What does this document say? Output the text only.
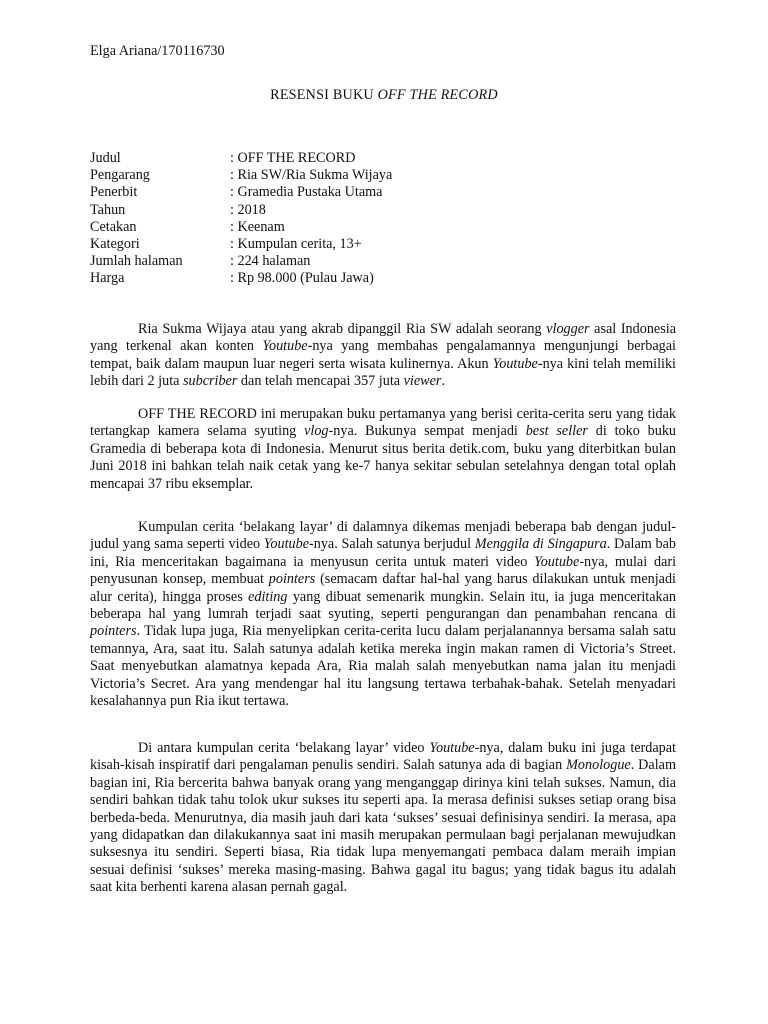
Elga Ariana/170116730
RESENSI BUKU OFF THE RECORD
Judul	: OFF THE RECORD
Pengarang	: Ria SW/Ria Sukma Wijaya
Penerbit	: Gramedia Pustaka Utama
Tahun	: 2018
Cetakan	: Keenam
Kategori	: Kumpulan cerita, 13+
Jumlah halaman	: 224 halaman
Harga	: Rp 98.000 (Pulau Jawa)

Ria Sukma Wijaya atau yang akrab dipanggil Ria SW adalah seorang vlogger asal Indonesia yang terkenal akan konten Youtube-nya yang membahas pengalamannya mengunjungi berbagai tempat, baik dalam maupun luar negeri serta wisata kulinernya. Akun Youtube-nya kini telah memiliki lebih dari 2 juta subcriber dan telah mencapai 357 juta viewer.

OFF THE RECORD ini merupakan buku pertamanya yang berisi cerita-cerita seru yang tidak tertangkap kamera selama syuting vlog-nya. Bukunya sempat menjadi best seller di toko buku Gramedia di beberapa kota di Indonesia. Menurut situs berita detik.com, buku yang diterbitkan bulan Juni 2018 ini bahkan telah naik cetak yang ke-7 hanya sekitar sebulan setelahnya dengan total oplah mencapai 37 ribu eksemplar.

Kumpulan cerita ‘belakang layar’ di dalamnya dikemas menjadi beberapa bab dengan judul-judul yang sama seperti video Youtube-nya. Salah satunya berjudul Menggila di Singapura. Dalam bab ini, Ria menceritakan bagaimana ia menyusun cerita untuk materi video Youtube-nya, mulai dari penyusunan konsep, membuat pointers (semacam daftar hal-hal yang harus dilakukan untuk menjadi alur cerita), hingga proses editing yang dibuat semenarik mungkin. Selain itu, ia juga menceritakan beberapa hal yang lumrah terjadi saat syuting, seperti pengurangan dan penambahan rencana di pointers. Tidak lupa juga, Ria menyelipkan cerita-cerita lucu dalam perjalanannya bersama salah satu temannya, Ara, saat itu. Salah satunya adalah ketika mereka ingin makan ramen di Victoria’s Street. Saat menyebutkan alamatnya kepada Ara, Ria malah salah menyebutkan nama jalan itu menjadi Victoria’s Secret. Ara yang mendengar hal itu langsung tertawa terbahak-bahak. Setelah menyadari kesalahannya pun Ria ikut tertawa.

Di antara kumpulan cerita ‘belakang layar’ video Youtube-nya, dalam buku ini juga terdapat kisah-kisah inspiratif dari pengalaman penulis sendiri. Salah satunya ada di bagian Monologue. Dalam bagian ini, Ria bercerita bahwa banyak orang yang menganggap dirinya kini telah sukses. Namun, dia sendiri bahkan tidak tahu tolok ukur sukses itu seperti apa. Ia merasa definisi sukses setiap orang bisa berbeda-beda. Menurutnya, dia masih jauh dari kata ‘sukses’ sesuai definisinya sendiri. Ia merasa, apa yang didapatkan dan dilakukannya saat ini masih merupakan permulaan bagi perjalanan mewujudkan suksesnya itu sendiri. Seperti biasa, Ria tidak lupa menyemangati pembaca dalam meraih impian sesuai definisi ‘sukses’ mereka masing-masing. Bahwa gagal itu bagus; yang tidak bagus itu adalah saat kita berhenti karena alasan pernah gagal.
